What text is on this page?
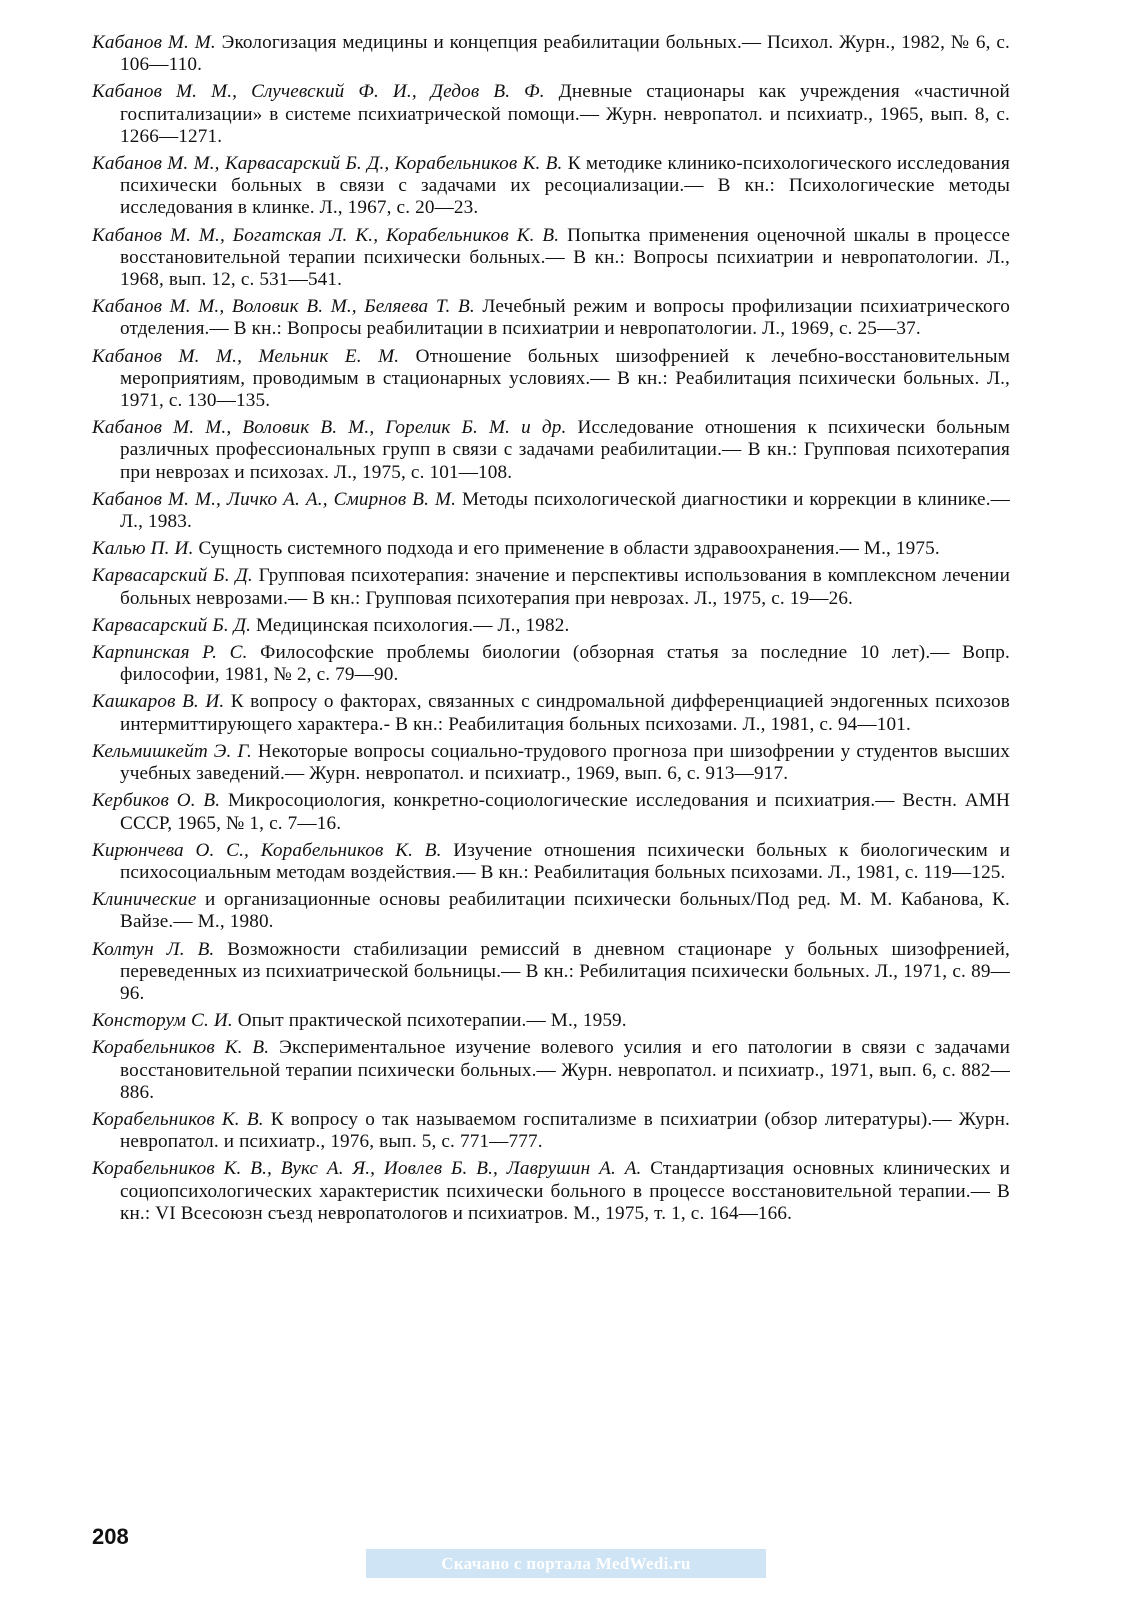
Кабанов М. М. Экологизация медицины и концепция реабилитации больных.— Психол. Журн., 1982, № 6, с. 106—110.

Кабанов М. М., Случевский Ф. И., Дедов В. Ф. Дневные стационары как учреждения «частичной госпитализации» в системе психиатрической помощи.— Журн. невропатол. и психиатр., 1965, вып. 8, с. 1266—1271.

Кабанов М. М., Карвасарский Б. Д., Корабельников К. В. К методике клинико-психологического исследования психически больных в связи с задачами их ресоциализации.— В кн.: Психологические методы исследования в клинке. Л., 1967, с. 20—23.

Кабанов М. М., Богатская Л. К., Корабельников К. В. Попытка применения оценочной шкалы в процессе восстановительной терапии психически больных.— В кн.: Вопросы психиатрии и невропатологии. Л., 1968, вып. 12, с. 531—541.

Кабанов М. М., Воловик В. М., Беляева Т. В. Лечебный режим и вопросы профилизации психиатрического отделения.— В кн.: Вопросы реабилитации в психиатрии и невропатологии. Л., 1969, с. 25—37.

Кабанов М. М., Мельник Е. М. Отношение больных шизофренией к лечебно-восстановительным мероприятиям, проводимым в стационарных условиях.— В кн.: Реабилитация психически больных. Л., 1971, с. 130—135.

Кабанов М. М., Воловик В. М., Горелик Б. М. и др. Исследование отношения к психически больным различных профессиональных групп в связи с задачами реабилитации.— В кн.: Групповая психотерапия при неврозах и психозах. Л., 1975, с. 101—108.

Кабанов М. М., Личко А. А., Смирнов В. М. Методы психологической диагностики и коррекции в клинике.—Л., 1983.

Калью П. И. Сущность системного подхода и его применение в области здравоохранения.— М., 1975.

Карвасарский Б. Д. Групповая психотерапия: значение и перспективы использования в комплексном лечении больных неврозами.— В кн.: Групповая психотерапия при неврозах. Л., 1975, с. 19—26.

Карвасарский Б. Д. Медицинская психология.— Л., 1982.

Карпинская Р. С. Философские проблемы биологии (обзорная статья за последние 10 лет).— Вопр. философии, 1981, № 2, с. 79—90.

Кашкаров В. И. К вопросу о факторах, связанных с синдромальной дифференциацией эндогенных психозов интермиттирующего характера.- В кн.: Реабилитация больных психозами. Л., 1981, с. 94—101.

Кельмишкейт Э. Г. Некоторые вопросы социально-трудового прогноза при шизофрении у студентов высших учебных заведений.— Журн. невропатол. и психиатр., 1969, вып. 6, с. 913—917.

Кербиков О. В. Микросоциология, конкретно-социологические исследования и психиатрия.— Вестн. АМН СССР, 1965, № 1, с. 7—16.

Кирюнчева О. С., Корабельников К. В. Изучение отношения психически больных к биологическим и психосоциальным методам воздействия.— В кн.: Реабилитация больных психозами. Л., 1981, с. 119—125.

Клинические и организационные основы реабилитации психически больных/Под ред. М. М. Кабанова, К. Вайзе.— М., 1980.

Колтун Л. В. Возможности стабилизации ремиссий в дневном стационаре у больных шизофренией, переведенных из психиатрической больницы.— В кн.: Ребилитация психически больных. Л., 1971, с. 89—96.

Консторум С. И. Опыт практической психотерапии.— М., 1959.

Корабельников К. В. Экспериментальное изучение волевого усилия и его патологии в связи с задачами восстановительной терапии психически больных.— Журн. невропатол. и психиатр., 1971, вып. 6, с. 882—886.

Корабельников К. В. К вопросу о так называемом госпитализме в психиатрии (обзор литературы).— Журн. невропатол. и психиатр., 1976, вып. 5, с. 771—777.

Корабельников К. В., Вукс А. Я., Иовлев Б. В., Лаврушин А. А. Стандартизация основных клинических и социопсихологических характеристик психически больного в процессе восстановительной терапии.— В кн.: VI Всесоюзн съезд невропатологов и психиатров. М., 1975, т. 1, с. 164—166.

208
Скачано с портала MedWedi.ru
